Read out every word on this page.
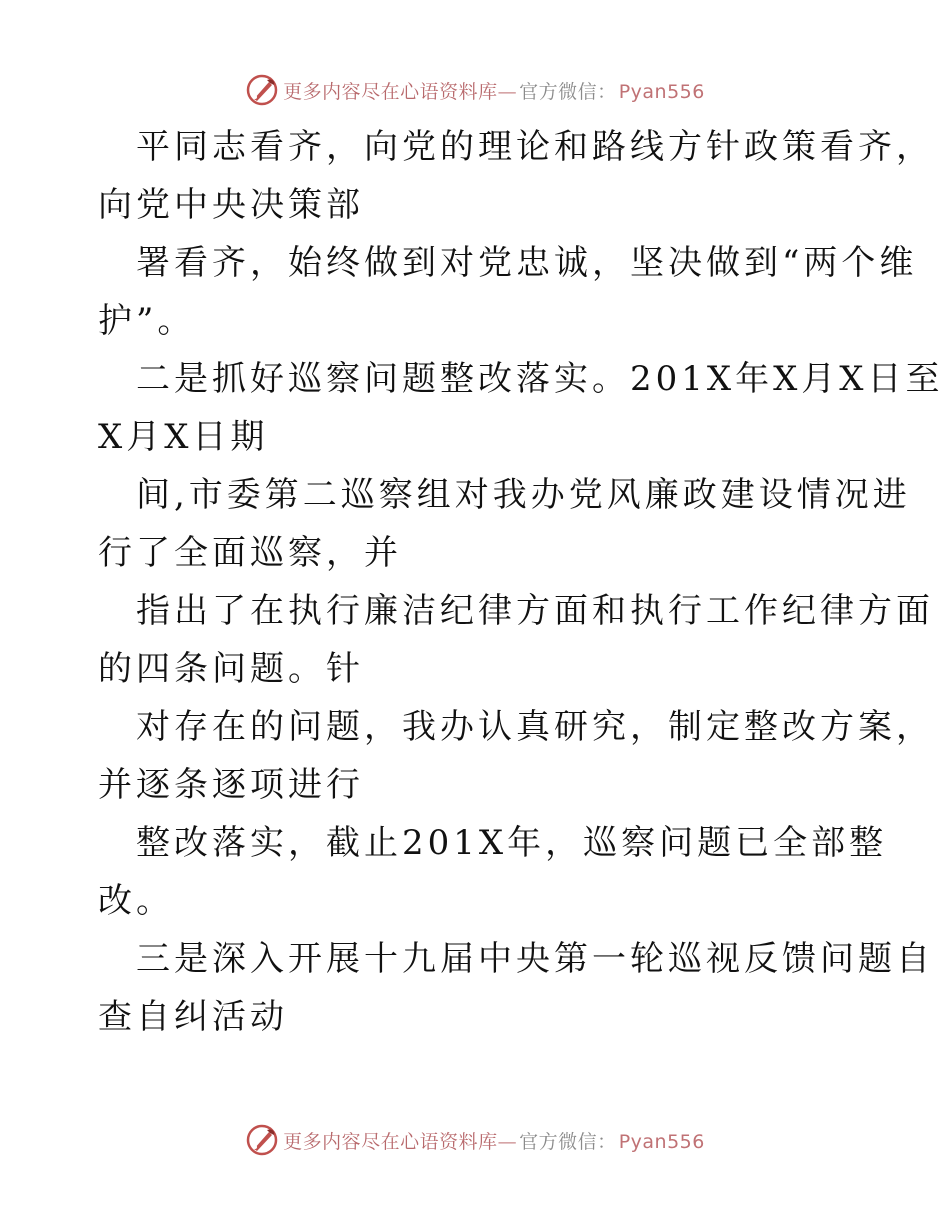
更多内容尽在心语资料库— 官方微信： Pyan556
平同志看齐，向党的理论和路线方针政策看齐，
向党中央决策部
署看齐，始终做到对党忠诚，坚决做到“两个维
护”。
二是抓好巡察问题整改落实。201X年X月X日至
X月X日期
间,市委第二巡察组对我办党风廉政建设情况进
行了全面巡察，并
指出了在执行廉洁纪律方面和执行工作纪律方面
的四条问题。针
对存在的问题，我办认真研究，制定整改方案，
并逐条逐项进行
整改落实，截止201X年，巡察问题已全部整
改。
三是深入开展十九届中央第一轮巡视反馈问题自
查自纠活动
更多内容尽在心语资料库— 官方微信： Pyan556
